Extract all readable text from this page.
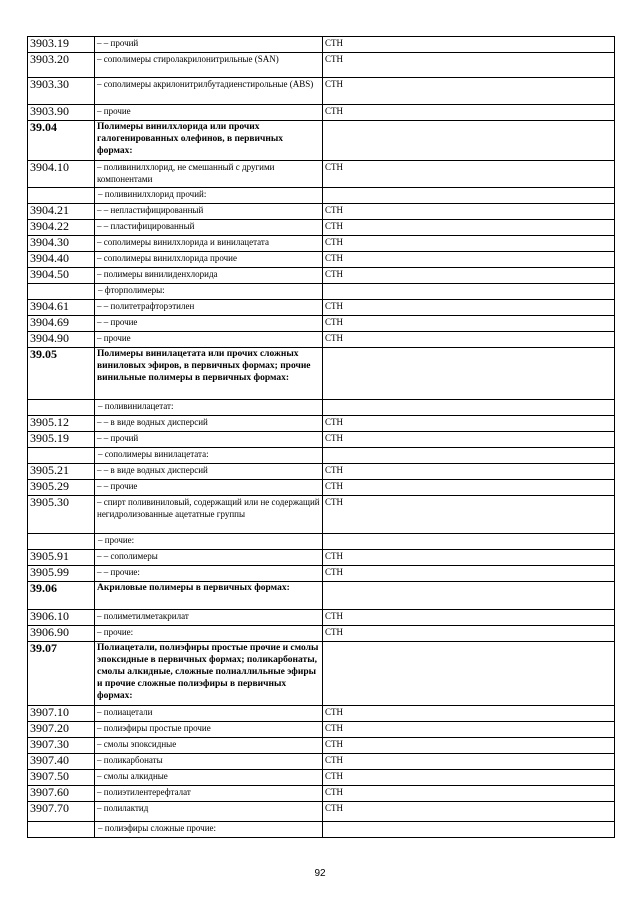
3903.19	– – прочий	СТН
3903.20	– сополимеры стиролакрилонитрильные (SAN)	СТН
3903.30	– сополимеры акрилонитрилбутадиенстирольные (ABS)	СТН
3903.90	– прочие	СТН
39.04	Полимеры винилхлорида или прочих галогенированных олефинов, в первичных формах:	
3904.10	– поливинилхлорид, не смешанный с другими компонентами	СТН
	– поливинилхлорид прочий:	
3904.21	– – непластифицированный	СТН
3904.22	– – пластифицированный	СТН
3904.30	– сополимеры винилхлорида и винилацетата	СТН
3904.40	– сополимеры винилхлорида прочие	СТН
3904.50	– полимеры винилиденхлорида	СТН
	– фторполимеры:	
3904.61	– – политетрафторэтилен	СТН
3904.69	– – прочие	СТН
3904.90	– прочие	СТН
39.05	Полимеры винилацетата или прочих сложных виниловых эфиров, в первичных формах; прочие винильные полимеры в первичных формах:	
	– поливинилацетат:	
3905.12	– – в виде водных дисперсий	СТН
3905.19	– – прочий	СТН
	– сополимеры винилацетата:	
3905.21	– – в виде водных дисперсий	СТН
3905.29	– – прочие	СТН
3905.30	– спирт поливиниловый, содержащий или не содержащий негидролизованные ацетатные группы	СТН
	– прочие:	
3905.91	– – сополимеры	СТН
3905.99	– – прочие:	СТН
39.06	Акриловые полимеры в первичных формах:	
3906.10	– полиметилметакрилат	СТН
3906.90	– прочие:	СТН
39.07	Полиацетали, полиэфиры простые прочие и смолы эпоксидные в первичных формах; поликарбонаты, смолы алкидные, сложные полиаллильные эфиры и прочие сложные полиэфиры в первичных формах:	
3907.10	– полиацетали	СТН
3907.20	– полиэфиры простые прочие	СТН
3907.30	– смолы эпоксидные	СТН
3907.40	– поликарбонаты	СТН
3907.50	– смолы алкидные	СТН
3907.60	– полиэтилентерефталат	СТН
3907.70	– полилактид	СТН
	– полиэфиры сложные прочие:	
92
